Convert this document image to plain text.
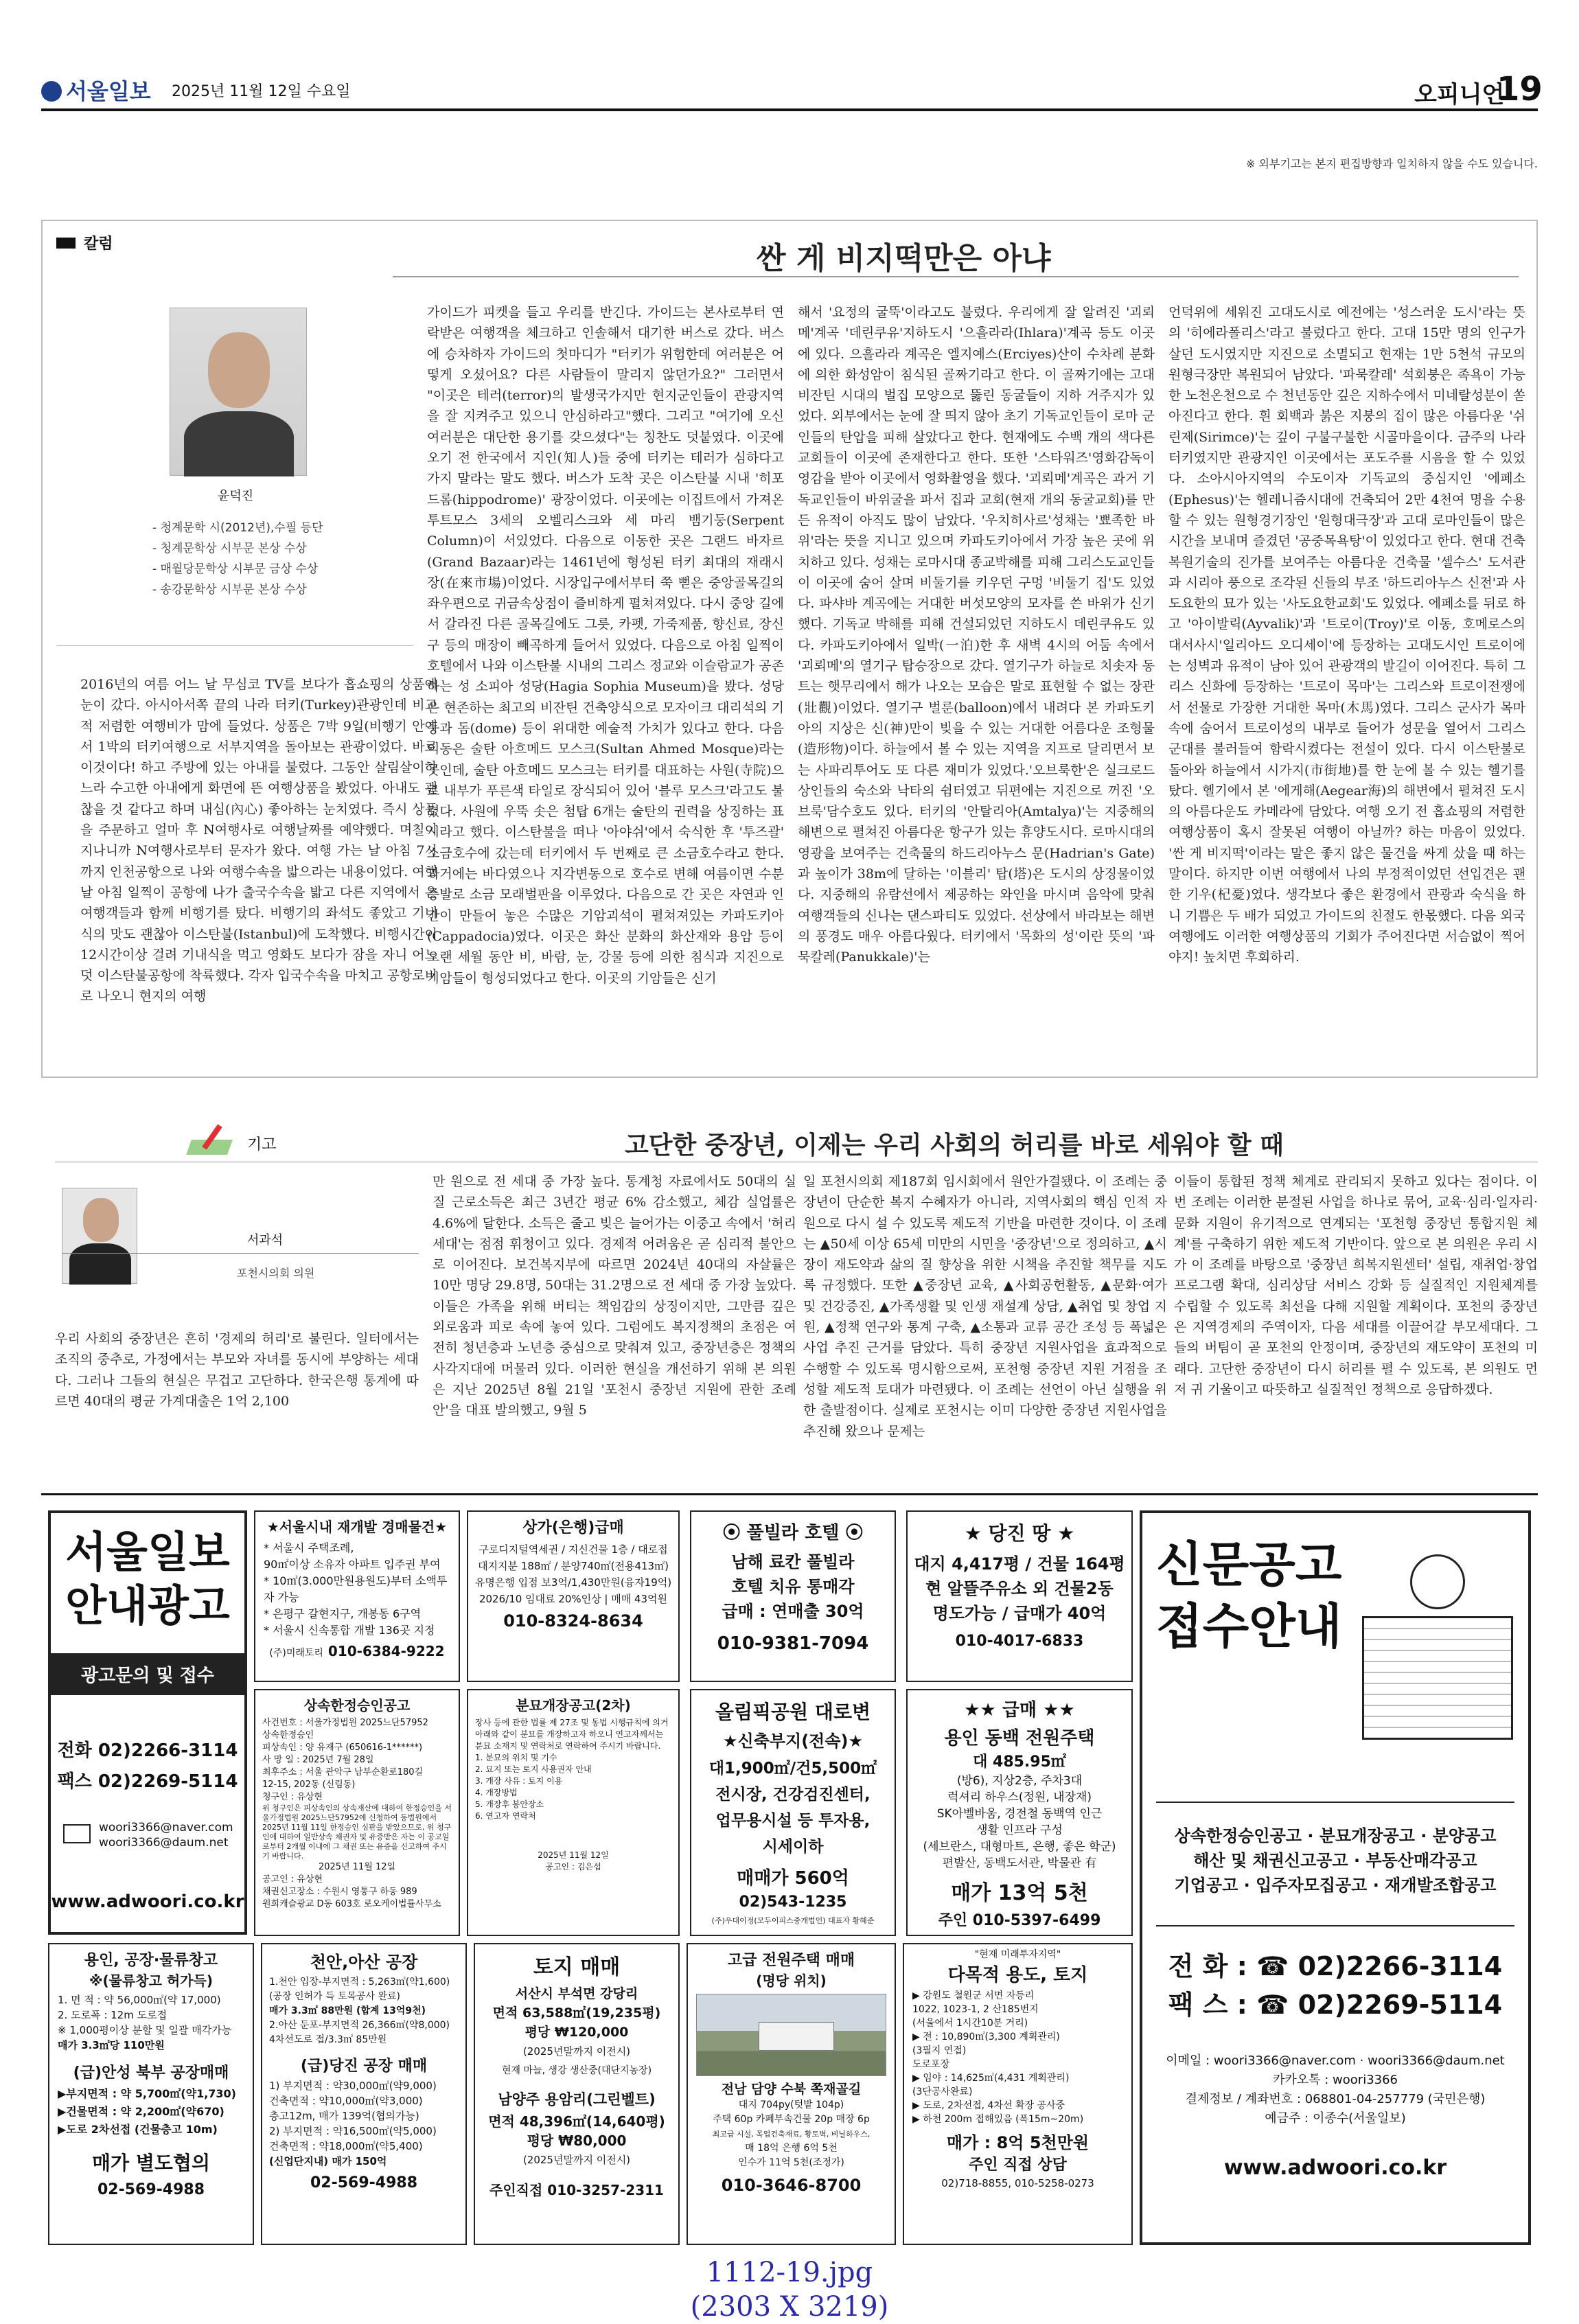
서울일보 2025년 11월 12일 수요일	오피니언
19
※ 외부기고는 본지 편집방향과 일치하지 않을 수도 있습니다.
칼럼	싼 게 비지떡만은 아냐
윤덕진
- 청계문학 시(2012년),수필 등단
- 청계문학상 시부문 본상 수상
- 매월당문학상 시부문 금상 수상
- 송강문학상 시부문 본상 수상
2016년의 여름 어느 날 무심코 TV를 보다가 흡쇼핑의 상품에 눈이 갔다. 아시아서쪽 끝의 나라 터키(Turkey)관광인데 비교적 저렴한 여행비가 맘에 들었다. 상품은 7박 9일(비행기 안에서 1박의 터키여행으로 서부지역을 돌아보는 관광이었다. 바로 이것이다! 하고 주방에 있는 아내를 불렀다. 그동안 살림살이하느라 수고한 아내에게 화면에 뜬 여행상품을 봤었다. 아내도 괜찮을 것 같다고 하며 내심(內心) 좋아하는 눈치였다. 즉시 상품을 주문하고 얼마 후 N여행사로 여행날짜를 예약했다. 며칠이 지나니까 N여행사로부터 문자가 왔다. 여행 가는 날 아침 7시까지 인천공항으로 나와 여행수속을 밟으라는 내용이었다. 여행 날 아침 일찍이 공항에 나가 출국수속을 밟고 다른 지역에서 온 여행객들과 함께 비행기를 탔다. 비행기의 좌석도 좋았고 기내식의 맛도 괜찮아 이스탄불(Istanbul)에 도착했다. 비행시간이 12시간이상 걸려 기내식을 먹고 영화도 보다가 잠을 자니 어느덧 이스탄불공항에 착륙했다. 각자 입국수속을 마치고 공항로비로 나오니 현지의 여행
가이드가 피켓을 들고 우리를 반긴다. 가이드는 본사로부터 연락받은 여행객을 체크하고 인솔해서 대기한 버스로 갔다. 버스에 승차하자 가이드의 첫마디가 "터키가 위험한데 여러분은 어떻게 오셨어요? 다른 사람들이 말리지 않던가요?" 그러면서 "이곳은 테러(terror)의 발생국가지만 현지군인들이 관광지역을 잘 지켜주고 있으니 안심하라고"했다. 그리고 "여기에 오신 여러분은 대단한 용기를 갖으셨다"는 칭찬도 덧붙였다. 이곳에 오기 전 한국에서 지인(知人)들 중에 터키는 테러가 심하다고 가지 말라는 말도 했다. 버스가 도착 곳은 이스탄불 시내 '히포드롬(hippodrome)' 광장이었다. 이곳에는 이집트에서 가져온 투트모스 3세의 오벨리스크와 세 마리 뱀기둥(Serpent Column)이 서있었다. 다음으로 이동한 곳은 그랜드 바자르(Grand Bazaar)라는 1461년에 형성된 터키 최대의 재래시장(在來市場)이었다. 시장입구에서부터 쭉 뻗은 중앙골목길의 좌우편으로 귀금속상점이 즐비하게 펼쳐져있다. 다시 중앙 길에서 갈라진 다른 골목길에도 그릇, 카펫, 가죽제품, 향신료, 장신구 등의 매장이 빼곡하게 들어서 있었다. 다음으로 아침 일찍이 호텔에서 나와 이스탄불 시내의 그리스 정교와 이슬람교가 공존하는 성 소피아 성당(Hagia Sophia Museum)을 봤다. 성당은 현존하는 최고의 비잔틴 건축양식으로 모자이크 대리석의 기둥과 돔(dome) 등이 위대한 예술적 가치가 있다고 한다. 다음 이동은 술탄 아흐메드 모스크(Sultan Ahmed Mosque)라는 곳인데, 술탄 아흐메드 모스크는 터키를 대표하는 사원(寺院)으로 내부가 푸른색 타일로 장식되어 있어 '블루 모스크'라고도 불렸다. 사원에 우뚝 솟은 첨탑 6개는 술탄의 권력을 상징하는 표시라고 했다. 이스탄불을 떠나 '아야쉬'에서 숙식한 후 '투즈괄' 소금호수에 갔는데 터키에서 두 번째로 큰 소금호수라고 한다. 과거에는 바다였으나 지각변동으로 호수로 변해 여름이면 수분증발로 소금 모래벌판을 이루었다. 다음으로 간 곳은 자연과 인간이 만들어 놓은 수많은 기암괴석이 펼쳐져있는 카파도키아(Cappadocia)였다. 이곳은 화산 분화의 화산재와 용암 등이 오랜 세월 동안 비, 바람, 눈, 강물 등에 의한 침식과 지진으로 기암들이 형성되었다고 한다. 이곳의 기암들은 신기
해서 '요정의 굴뚝'이라고도 불렀다. 우리에게 잘 알려진 '괴뢰메'계곡 '데린쿠유'지하도시 '으흘라라(Ihlara)'계곡 등도 이곳에 있다. 으흘라라 계곡은 엘지예스(Erciyes)산이 수차례 분화에 의한 화성암이 침식된 골짜기라고 한다. 이 골짜기에는 고대 비잔틴 시대의 벌집 모양으로 뚫린 동굴들이 지하 거주지가 있었다. 외부에서는 눈에 잘 띄지 않아 초기 기독교인들이 로마 군인들의 탄압을 피해 살았다고 한다. 현재에도 수백 개의 색다른 교회들이 이곳에 존재한다고 한다. 또한 '스타워즈'영화감독이 영감을 받아 이곳에서 영화촬영을 했다. '괴뢰메'계곡은 과거 기독교인들이 바위굴을 파서 집과 교회(현재 개의 동굴교회)를 만든 유적이 아직도 많이 남았다. '우치히사르'성채는 '뾰족한 바위'라는 뜻을 지니고 있으며 카파도키아에서 가장 높은 곳에 위치하고 있다. 성채는 로마시대 종교박해를 피해 그리스도교인들이 이곳에 숨어 살며 비둘기를 키우던 구멍 '비둘기 집'도 있었다. 파샤바 계곡에는 거대한 버섯모양의 모자를 쓴 바위가 신기했다. 기독교 박해를 피해 건설되었던 지하도시 데린쿠유도 있다. 카파도키아에서 일박(一泊)한 후 새벽 4시의 어둠 속에서 '괴뢰메'의 열기구 탑승장으로 갔다. 열기구가 하늘로 치솟자 동트는 햇무리에서 해가 나오는 모습은 말로 표현할 수 없는 장관(壯觀)이었다. 열기구 벌룬(balloon)에서 내려다 본 카파도키아의 지상은 신(神)만이 빚을 수 있는 거대한 어름다운 조형물(造形物)이다. 하늘에서 볼 수 있는 지역을 지프로 달리면서 보는 사파리투어도 또 다른 재미가 있었다.'오브룩한'은 실크로드 상인들의 숙소와 낙타의 쉼터였고 뒤편에는 지진으로 꺼진 '오브룩'담수호도 있다. 터키의 '안탈리아(Amtalya)'는 지중해의 해변으로 펼쳐진 아름다운 항구가 있는 휴양도시다. 로마시대의 영광을 보여주는 건축물의 하드리아누스 문(Hadrian's Gate)과 높이가 38m에 달하는 '이블리' 탑(塔)은 도시의 상징물이었다. 지중해의 유람선에서 제공하는 와인을 마시며 음악에 맞춰 여행객들의 신나는 댄스파티도 있었다. 선상에서 바라보는 해변의 풍경도 매우 아름다웠다. 터키에서 '목화의 성'이란 뜻의 '파묵칼레(Panukkale)'는
언덕위에 세워진 고대도시로 예전에는 '성스러운 도시'라는 뜻의 '히에라폴리스'라고 불렀다고 한다. 고대 15만 명의 인구가 살던 도시였지만 지진으로 소멸되고 현재는 1만 5천석 규모의 원형극장만 복원되어 남았다. '파묵칼레' 석회붕은 족욕이 가능한 노천온천으로 수 천년동안 깊은 지하수에서 미네랄성분이 쏟아진다고 한다. 흰 회백과 붉은 지붕의 집이 많은 아름다운 '쉬린제(Sirimce)'는 깊이 구불구불한 시골마을이다. 금주의 나라 터키였지만 관광지인 이곳에서는 포도주를 시음을 할 수 있었다. 소아시아지역의 수도이자 기독교의 중심지인 '에페소(Ephesus)'는 헬레니즘시대에 건축되어 2만 4천여 명을 수용할 수 있는 원형경기장인 '원형대극장'과 고대 로마인들이 많은 시간을 보내며 즐겼던 '공중목욕탕'이 있었다고 한다. 현대 건축복원기술의 진가를 보여주는 아름다운 건축물 '셀수스' 도서관과 시리아 풍으로 조각된 신들의 부조 '하드리아누스 신전'과 사도요한의 묘가 있는 '사도요한교회'도 있었다. 에페소를 뒤로 하고 '아이발릭(Ayvalik)'과 '트로이(Troy)'로 이동, 호메로스의 대서사시'일리아드 오디세이'에 등장하는 고대도시인 트로이에는 성벽과 유적이 남아 있어 관광객의 발길이 이어진다. 특히 그리스 신화에 등장하는 '트로이 목마'는 그리스와 트로이전쟁에서 선물로 가장한 거대한 목마(木馬)였다. 그리스 군사가 목마 속에 숨어서 트로이성의 내부로 들어가 성문을 열어서 그리스 군대를 불러들여 함락시켰다는 전설이 있다. 다시 이스탄불로 돌아와 하늘에서 시가지(市街地)를 한 눈에 볼 수 있는 헬기를 탔다. 헬기에서 본 '에게해(Aegear海)의 해변에서 펼쳐진 도시의 아름다운도 카메라에 담았다. 여행 오기 전 흡쇼핑의 저렴한 여행상품이 혹시 잘못된 여행이 아닐까? 하는 마음이 있었다. '싼 게 비지떡'이라는 말은 좋지 않은 물건을 싸게 샀을 때 하는 말이다. 하지만 이번 여행에서 나의 부정적이었던 선입견은 괜한 기우(杞憂)였다. 생각보다 좋은 환경에서 관광과 숙식을 하니 기쁨은 두 배가 되었고 가이드의 친절도 한몫했다. 다음 외국여행에도 이러한 여행상품의 기회가 주어진다면 서슴없이 찍어야지! 높치면 후회하리.
기고	고단한 중장년, 이제는 우리 사회의 허리를 바로 세워야 할 때
서과석
포천시의회 의원
우리 사회의 중장년은 흔히 '경제의 허리'로 불린다. 일터에서는 조직의 중추로, 가정에서는 부모와 자녀를 동시에 부양하는 세대다. 그러나 그들의 현실은 무겁고 고단하다. 한국은행 통계에 따르면 40대의 평균 가계대출은 1억 2,100
만 원으로 전 세대 중 가장 높다. 통계청 자료에서도 50대의 실질 근로소득은 최근 3년간 평균 6% 감소했고, 체감 실업률은 4.6%에 달한다. 소득은 줄고 빚은 늘어가는 이중고 속에서 '허리 세대'는 점점 휘청이고 있다. 경제적 어려움은 곧 심리적 불안으로 이어진다. 보건복지부에 따르면 2024년 40대의 자살률은 10만 명당 29.8명, 50대는 31.2명으로 전 세대 중 가장 높았다. 이들은 가족을 위해 버티는 책임감의 상징이지만, 그만큼 깊은 외로움과 피로 속에 놓여 있다. 그럼에도 복지정책의 초점은 여전히 청년층과 노년층 중심으로 맞춰져 있고, 중장년층은 정책의 사각지대에 머물러 있다. 이러한 현실을 개선하기 위해 본 의원은 지난 2025년 8월 21일 '포천시 중장년 지원에 관한 조례안'을 대표 발의했고, 9월 5
일 포천시의회 제187회 임시회에서 원안가결됐다. 이 조례는 중장년이 단순한 복지 수혜자가 아니라, 지역사회의 핵심 인적 자원으로 다시 설 수 있도록 제도적 기반을 마련한 것이다. 이 조례는 ▲50세 이상 65세 미만의 시민을 '중장년'으로 정의하고, ▲시장이 재도약과 삶의 질 향상을 위한 시책을 추진할 책무를 지도록 규정했다. 또한 ▲중장년 교육, ▲사회공헌활동, ▲문화·여가 및 건강증진, ▲가족생활 및 인생 재설계 상담, ▲취업 및 창업 지원, ▲정책 연구와 통계 구축, ▲소통과 교류 공간 조성 등 폭넓은 사업 추진 근거를 담았다. 특히 중장년 지원사업을 효과적으로 수행할 수 있도록 명시함으로써, 포천형 중장년 지원 거점을 조성할 제도적 토대가 마련됐다. 이 조례는 선언이 아닌 실행을 위한 출발점이다. 실제로 포천시는 이미 다양한 중장년 지원사업을 추진해 왔으나 문제는
이들이 통합된 정책 체계로 관리되지 못하고 있다는 점이다. 이번 조례는 이러한 분절된 사업을 하나로 묶어, 교육·심리·일자리·문화 지원이 유기적으로 연계되는 '포천형 중장년 통합지원 체계'를 구축하기 위한 제도적 기반이다. 앞으로 본 의원은 우리 시가 이 조례를 바탕으로 '중장년 희복지원센터' 설립, 재취업·창업 프로그램 확대, 심리상담 서비스 강화 등 실질적인 지원체계를 수립할 수 있도록 최선을 다해 지원할 계획이다. 포천의 중장년은 지역경제의 주역이자, 다음 세대를 이끌어갈 부모세대다. 그들의 버팀이 곧 포천의 안정이며, 중장년의 재도약이 포천의 미래다. 고단한 중장년이 다시 허리를 펼 수 있도록, 본 의원도 먼저 귀 기울이고 따뜻하고 실질적인 정책으로 응답하겠다.
서울일보
안내광고
광고문의 및 접수
전화 02)2266-3114
팩스 02)2269-5114
woori3366@naver.com
woori3366@daum.net
www.adwoori.co.kr
★서울시내 재개발 경매물건★
* 서울시 주택조례,
90㎡이상 소유자 아파트 입주권 부여
* 10㎡(3.000만원용원도)부터 소액투자 가능
* 은평구 갈현지구, 개봉동 6구역
* 서울시 신속통합 개발 136곳 지정
(주)미래토리 010-6384-9222
상가(은행)급매
구로디지털역세권 / 지신건물 1층 / 대로접
대지지분 188㎡ / 분양740㎡(전용413㎡)
유명은행 입점 보3억/1,430만원(융자19억)
2026/10 임대료 20%인상 | 매매 43억원
010-8324-8634
⦿ 풀빌라 호텔 ⦿
남해 료칸 풀빌라
호텔 치유 통매각
급매 : 연매출 30억
010-9381-7094
★ 당진 땅 ★
대지 4,417평 / 건물 164평
현 알뜰주유소 외 건물2동
명도가능 / 급매가 40억
010-4017-6833
상속한정승인공고
사건번호 : 서울가정법원 2025느단57952
상속한정승인
피상속인 : 양 유재구 (650616-1******)
사 망 일 : 2025년 7월 28일
최후주소 : 서울 관악구 남부순환로180길
12-15, 202동 (신림동)
청구인 : 유상현
위 청구인은 피상속인의 상속재산에 대하여 한정승인을 서울가정법원 2025느단57952에 신청하여 동법원에서 2025년 11월 11일 한정승인 심판을 받았으므로, 위 청구인에 대하여 일반상속 채권자 및 유증받은 자는 이 공고일로부터 2개월 이내에 그 채권 또는 유증을 신고하여 주시기 바랍니다.
2025년 11월 12일
공고인 : 유상현
채권신고장소 : 수원시 영통구 하동 989
원희캐슬광교 D동 603호 로오케이법률사무소
분묘개장공고(2차)
장사 등에 관한 법률 제 27조 및 동법 시행규칙에 의거 아래와 같이 분묘를 개장하고자 하오니 연고자께서는 분묘 소재지 및 연락처로 연락하여 주시기 바랍니다.
1. 분묘의 위치 및 기수
2. 묘지 또는 토지 사용권자 안내
3. 개장 사유 : 토지 이용
4. 개장방법
5. 개장후 봉안장소
6. 연고자 연락처
2025년 11월 12일
공고인 : 김은섭
올림픽공원 대로변
★신축부지(전속)★
대1,900㎡/건5,500㎡
전시장, 건강검진센터,
업무용시설 등 투자용,
시세이하
매매가 560억
02)543-1235
(주)우대이정(모두이피스중개법인) 대표자 황혜준
★★ 급매 ★★
용인 동백 전원주택
대 485.95㎡
(방6), 지상2층, 주차3대
럭셔리 하우스(정원, 내장재)
SK아벨바움, 경전철 동백역 인근
생활 인프라 구성
(세브란스, 대형마트, 은행, 좋은 학군)
편발산, 동백도서관, 박물관 有
매가 13억 5천
주인 010-5397-6499
신문공고
접수안내
상속한정승인공고 · 분묘개장공고 · 분양공고
해산 및 채권신고공고 · 부동산매각공고
기업공고 · 입주자모집공고 · 재개발조합공고
전 화 : ☎ 02)2266-3114
팩 스 : ☎ 02)2269-5114
이메일 : woori3366@naver.com · woori3366@daum.net
카카오톡 : woori3366
결제정보 / 계좌번호 : 068801-04-257779 (국민은행)
예금주 : 이종수(서울일보)
www.adwoori.co.kr
용인, 공장·물류창고
※(물류창고 허가득)
1. 면 적 : 약 56,000㎡(약 17,000)
2. 도로폭 : 12m 도로접
※ 1,000평이상 분할 및 일괄 매각가능
매가 3.3㎡당 110만원
(급)안성 북부 공장매매
▶부지면적 : 약 5,700㎡(약1,730)
▶건물면적 : 약 2,200㎡(약670)
▶도로 2차선접 (건물층고 10m)
매가 별도협의
02-569-4988
천안,아산 공장
1.천안 입장-부지면적 : 5,263㎡(약1,600)
(공장 인허가 득 토목공사 완료)
매가 3.3㎡ 88만원 (합계 13억9천)
2.아산 둔포-부지면적 26,366㎡(약8,000)
4차선도로 접/3.3㎡ 85만원
(급)당진 공장 매매
1) 부지면적 : 약30,000㎡(약9,000)
건축면적 : 약10,000㎡(약3,000)
층고12m, 매가 139억(협의가능)
2) 부지면적 : 약16,500㎡(약5,000)
건축면적 : 약18,000㎡(약5,400)
(신업단지내) 매가 150억
02-569-4988
토지 매매
서산시 부석면 강당리
면적 63,588㎡(19,235평)
평당 ₩120,000
(2025년말까지 이전시)
현재 마늘, 생강 생산중(대단지농장)
남양주 용암리(그린벨트)
면적 48,396㎡(14,640평)
평당 ₩80,000
(2025년말까지 이전시)
주인직접 010-3257-2311
고급 전원주택 매매
(명당 위치)
전남 담양 수북 쪽재골길
대지 704py(텃밭 104p)
주택 60p 카페부속건물 20p 매장 6p
최고급 시설, 목업건축재료, 황토벽, 비닐하우스,
매 18억 은행 6억 5천
인수가 11억 5천(조정가)
010-3646-8700
"현재 미래투자지역"
다목적 용도, 토지
▶ 강원도 철원군 서면 자등리
1022, 1023-1, 2 산185번지
(서울에서 1시간10분 거리)
▶ 전 : 10,890㎡(3,300 계획관리)
(3필지 연접)
도로포장
▶ 임야 : 14,625㎡(4,431 계획관리)
(3단공사완료)
▶ 도로, 2차선접, 4차선 확장 공사중
▶ 하천 200m 접해있음 (폭15m~20m)
매가 : 8억 5천만원
주인 직접 상담
02)718-8855, 010-5258-0273
1112-19.jpg
(2303 X 3219)
